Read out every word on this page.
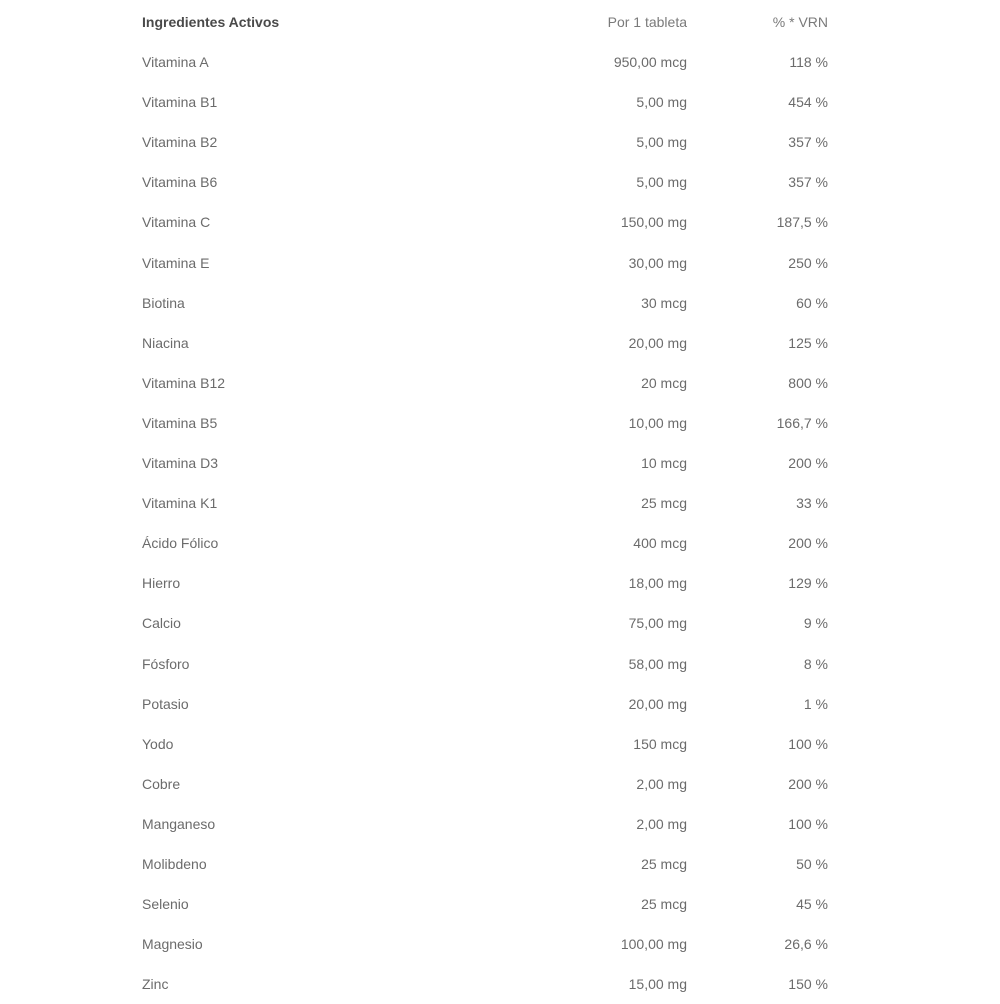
Ingredientes Activos	Por 1 tableta	% * VRN
Vitamina A	950,00 mcg	118 %
Vitamina B1	5,00 mg	454 %
Vitamina B2	5,00 mg	357 %
Vitamina B6	5,00 mg	357 %
Vitamina C	150,00 mg	187,5 %
Vitamina E	30,00 mg	250 %
Biotina	30 mcg	60 %
Niacina	20,00 mg	125 %
Vitamina B12	20 mcg	800 %
Vitamina B5	10,00 mg	166,7 %
Vitamina D3	10 mcg	200 %
Vitamina K1	25 mcg	33 %
Ácido Fólico	400 mcg	200 %
Hierro	18,00 mg	129 %
Calcio	75,00 mg	9 %
Fósforo	58,00 mg	8 %
Potasio	20,00 mg	1 %
Yodo	150 mcg	100 %
Cobre	2,00 mg	200 %
Manganeso	2,00 mg	100 %
Molibdeno	25 mcg	50 %
Selenio	25 mcg	45 %
Magnesio	100,00 mg	26,6 %
Zinc	15,00 mg	150 %
